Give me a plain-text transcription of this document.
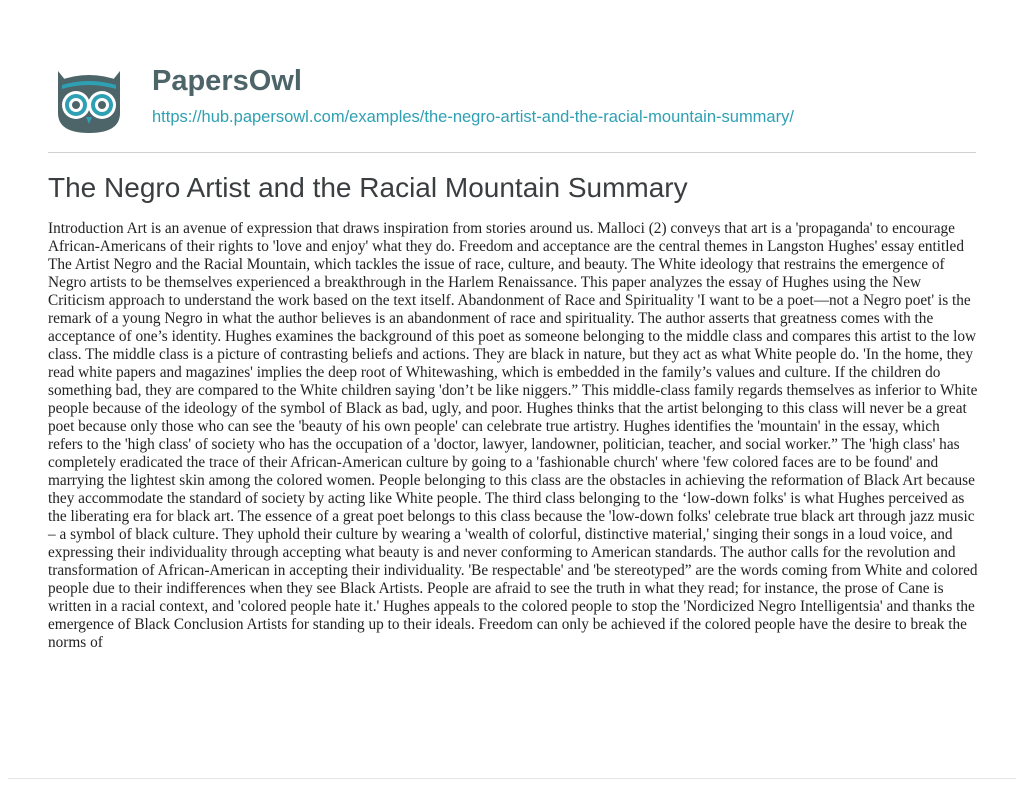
PapersOwl
https://hub.papersowl.com/examples/the-negro-artist-and-the-racial-mountain-summary/
The Negro Artist and the Racial Mountain Summary

Introduction Art is an avenue of expression that draws inspiration from stories around us. Malloci (2) conveys that art is a 'propaganda' to encourage African-Americans of their rights to 'love and enjoy' what they do. Freedom and acceptance are the central themes in Langston Hughes' essay entitled The Artist Negro and the Racial Mountain, which tackles the issue of race, culture, and beauty. The White ideology that restrains the emergence of Negro artists to be themselves experienced a breakthrough in the Harlem Renaissance. This paper analyzes the essay of Hughes using the New Criticism approach to understand the work based on the text itself. Abandonment of Race and Spirituality 'I want to be a poet—not a Negro poet' is the remark of a young Negro in what the author believes is an abandonment of race and spirituality. The author asserts that greatness comes with the acceptance of one’s identity. Hughes examines the background of this poet as someone belonging to the middle class and compares this artist to the low class. The middle class is a picture of contrasting beliefs and actions. They are black in nature, but they act as what White people do. 'In the home, they read white papers and magazines' implies the deep root of Whitewashing, which is embedded in the family’s values and culture. If the children do something bad, they are compared to the White children saying 'don’t be like niggers.” This middle-class family regards themselves as inferior to White people because of the ideology of the symbol of Black as bad, ugly, and poor. Hughes thinks that the artist belonging to this class will never be a great poet because only those who can see the 'beauty of his own people' can celebrate true artistry. Hughes identifies the 'mountain' in the essay, which refers to the 'high class' of society who has the occupation of a 'doctor, lawyer, landowner, politician, teacher, and social worker.” The 'high class' has completely eradicated the trace of their African-American culture by going to a 'fashionable church' where 'few colored faces are to be found' and marrying the lightest skin among the colored women. People belonging to this class are the obstacles in achieving the reformation of Black Art because they accommodate the standard of society by acting like White people. The third class belonging to the ‘low-down folks' is what Hughes perceived as the liberating era for black art. The essence of a great poet belongs to this class because the 'low-down folks' celebrate true black art through jazz music – a symbol of black culture. They uphold their culture by wearing a 'wealth of colorful, distinctive material,' singing their songs in a loud voice, and expressing their individuality through accepting what beauty is and never conforming to American standards. The author calls for the revolution and transformation of African-American in accepting their individuality. 'Be respectable' and 'be stereotyped” are the words coming from White and colored people due to their indifferences when they see Black Artists. People are afraid to see the truth in what they read; for instance, the prose of Cane is written in a racial context, and 'colored people hate it.' Hughes appeals to the colored people to stop the 'Nordicized Negro Intelligentsia' and thanks the emergence of Black Conclusion Artists for standing up to their ideals. Freedom can only be achieved if the colored people have the desire to break the norms of
